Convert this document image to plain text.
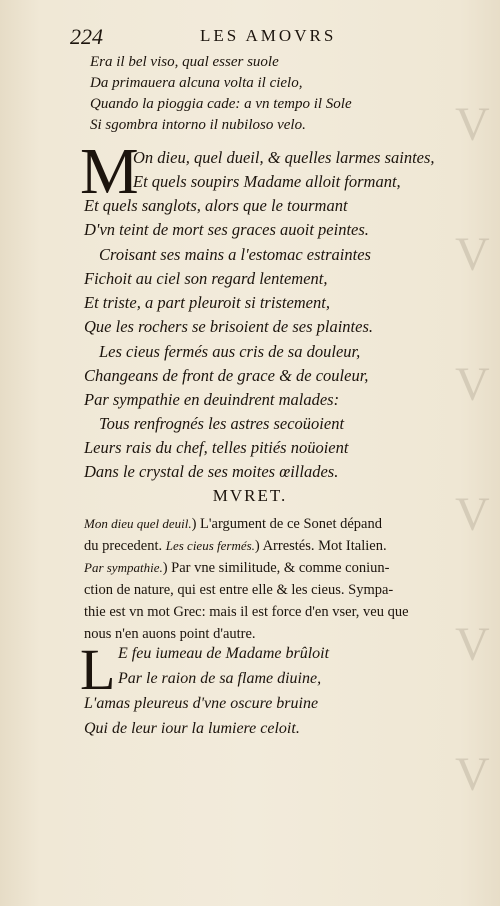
V
V
V
V
V
V
224	LES AMOVRS
Era il bel viso, qual esser suole
Da primauera alcuna volta il cielo,
Quando la pioggia cade: a vn tempo il Sole
Si sgombra intorno il nubiloso velo.
M
On dieu, quel dueil, & quelles larmes saintes,
Et quels soupirs Madame alloit formant,
Et quels sanglots, alors que le tourmant
D'vn teint de mort ses graces auoit peintes.
Croisant ses mains a l'estomac estraintes
Fichoit au ciel son regard lentement,
Et triste, a part pleuroit si tristement,
Que les rochers se brisoient de ses plaintes.
Les cieus fermés aus cris de sa douleur,
Changeans de front de grace & de couleur,
Par sympathie en deuindrent malades:
Tous renfrognés les astres secoüoient
Leurs rais du chef, telles pitiés noüoient
Dans le crystal de ses moites œillades.
MVRET.
Mon dieu quel deuil.) L'argument de ce Sonet dépand
du precedent. Les cieus fermés.) Arrestés. Mot Italien.
Par sympathie.) Par vne similitude, & comme coniun-
ction de nature, qui est entre elle & les cieus. Sympa-
thie est vn mot Grec: mais il est force d'en vser, veu que
nous n'en auons point d'autre.
L E feu iumeau de Madame brûloit
Par le raion de sa flame diuine,
L'amas pleureus d'vne oscure bruine
Qui de leur iour la lumiere celoit.
